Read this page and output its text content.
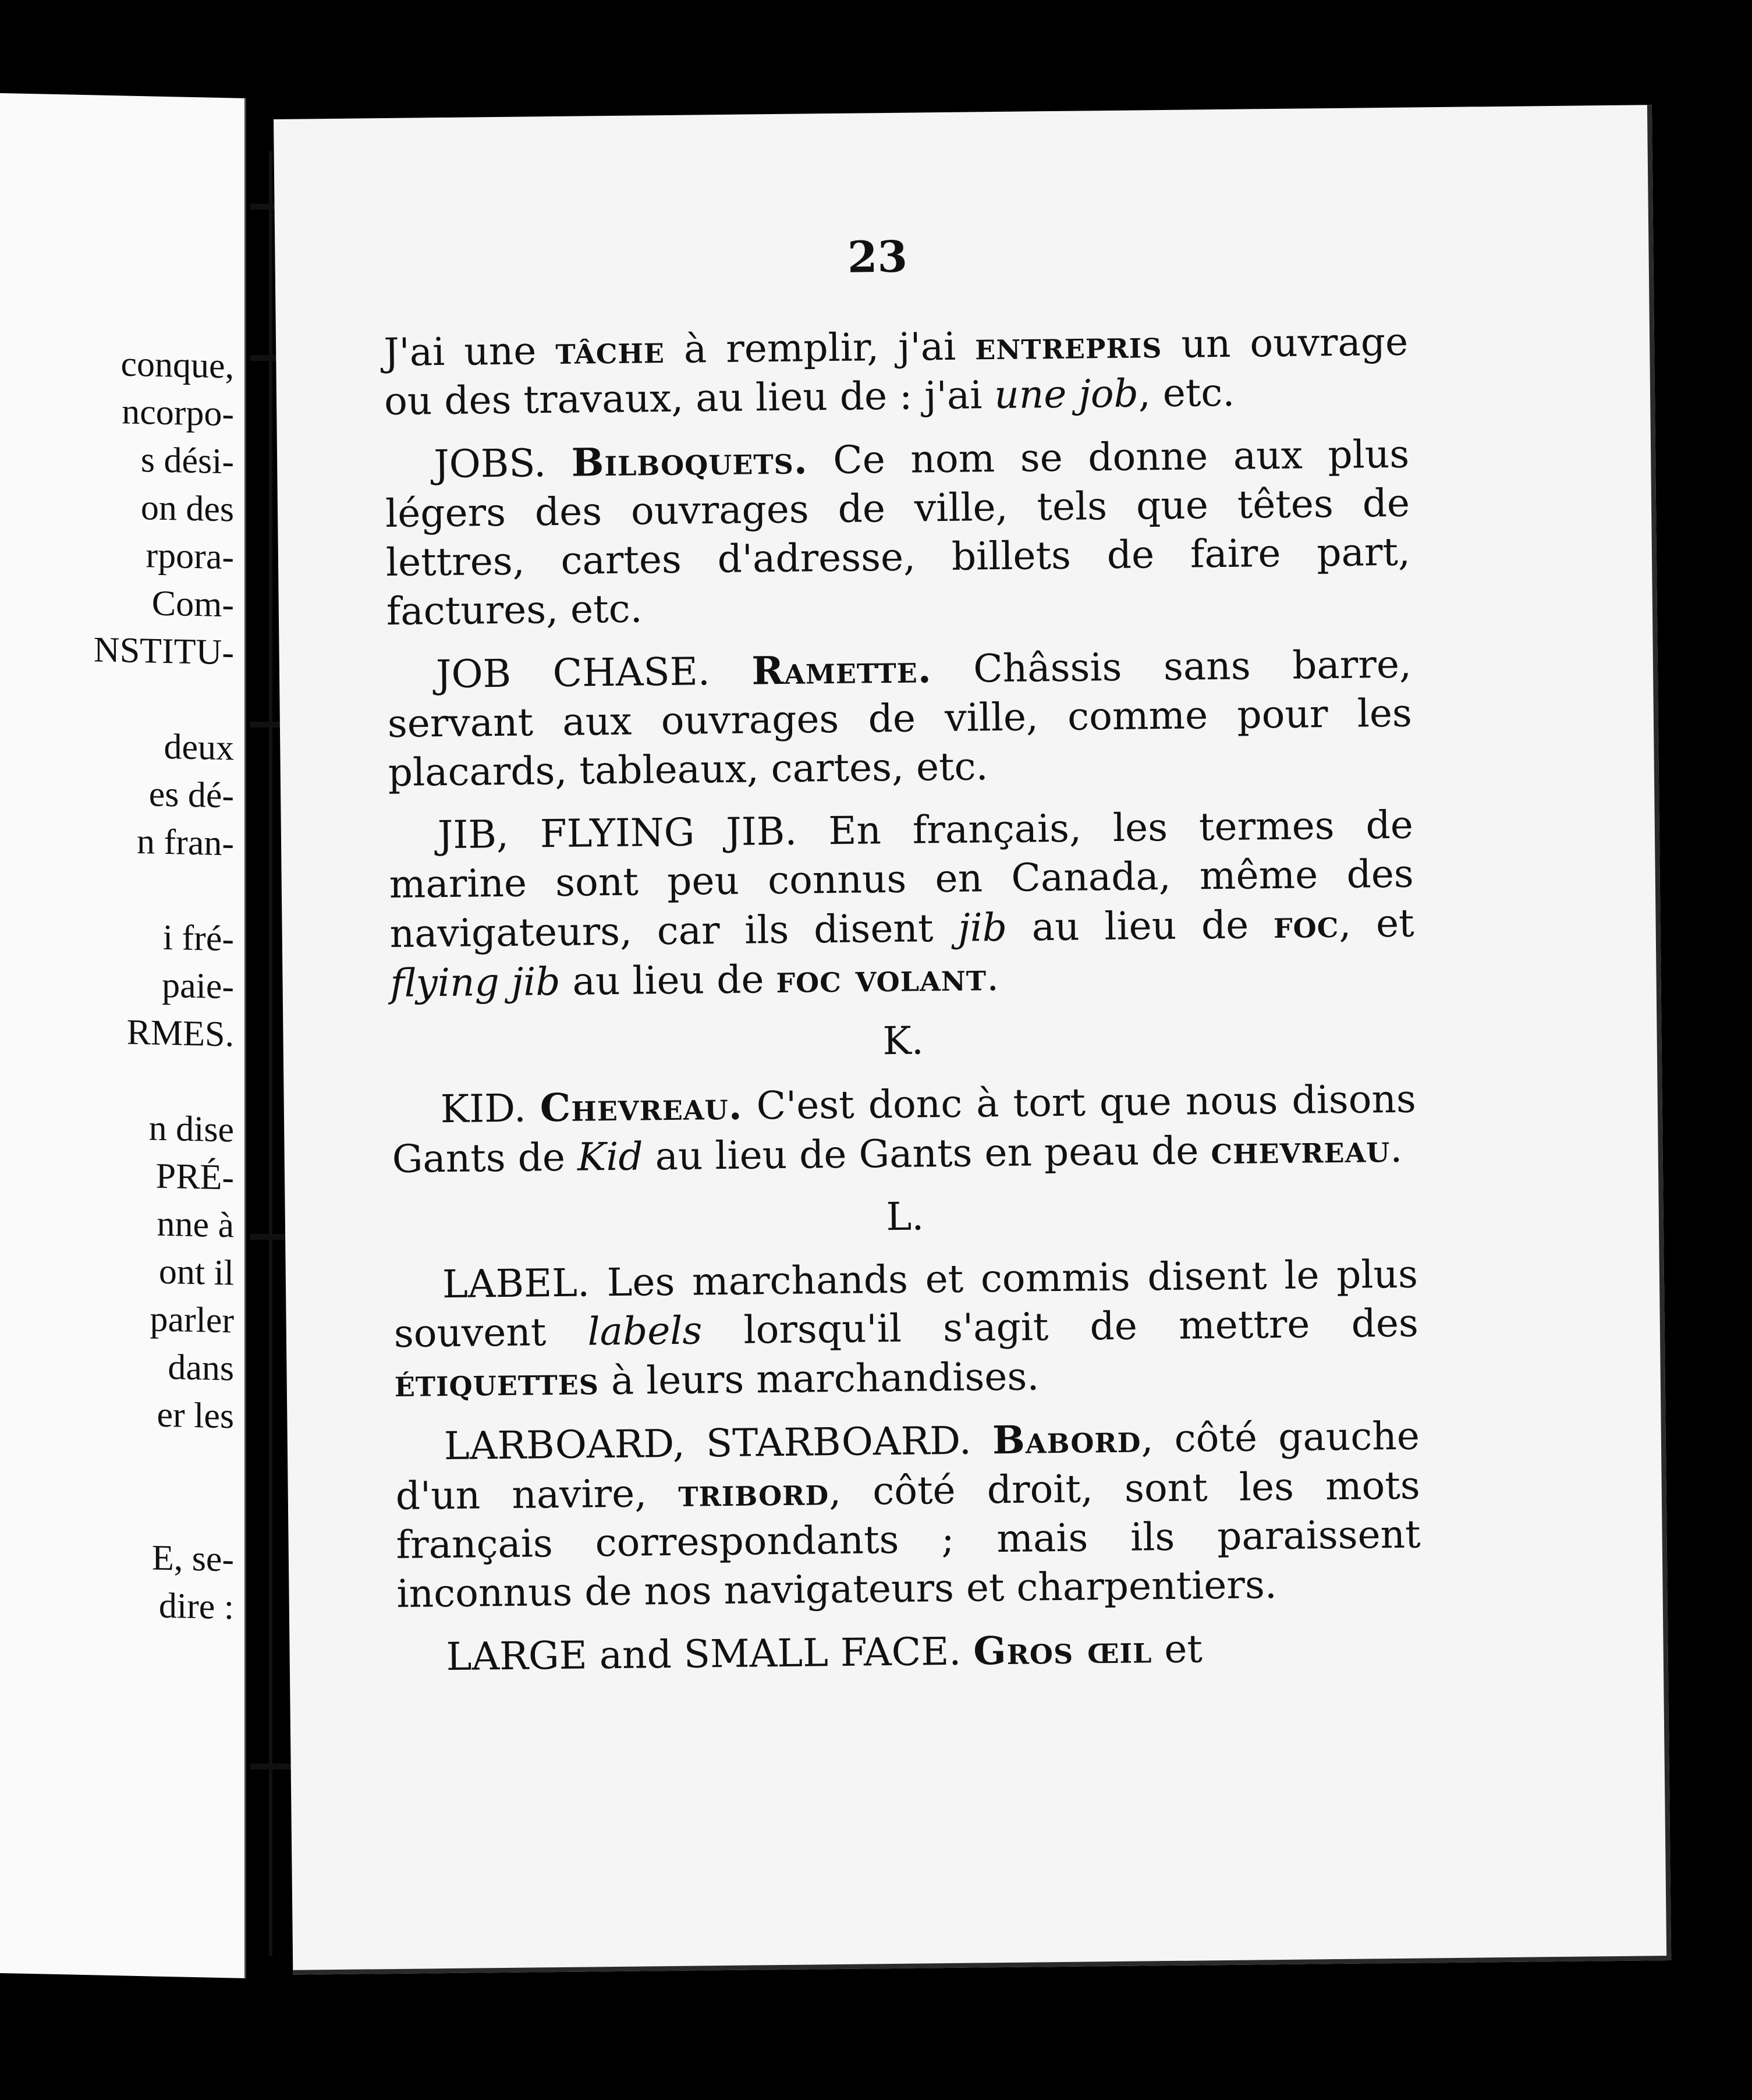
conque,
ncorpo-
s dési-
on des
rpora-
Com-
NSTITU-
deux
es dé-
n fran-
i fré-
paie-
RMES.
n dise
PRÉ-
nne à
ont il
parler
dans
er les
E, se-
dire :
23

J'ai une tâche à remplir, j'ai entrepris un ouvrage ou des travaux, au lieu de : j'ai une job, etc.

JOBS. Bilboquets. Ce nom se donne aux plus légers des ouvrages de ville, tels que têtes de lettres, cartes d'adresse, billets de faire part, factures, etc.

JOB CHASE. Ramette. Châssis sans barre, servant aux ouvrages de ville, comme pour les placards, tableaux, cartes, etc.

JIB, FLYING JIB. En français, les termes de marine sont peu connus en Canada, même des navigateurs, car ils disent jib au lieu de foc, et flying jib au lieu de foc volant.

K.

KID. Chevreau. C'est donc à tort que nous disons Gants de Kid au lieu de Gants en peau de chevreau.

L.

LABEL. Les marchands et commis disent le plus souvent labels lorsqu'il s'agit de mettre des étiquettes à leurs marchandises.

LARBOARD, STARBOARD. Babord, côté gauche d'un navire, tribord, côté droit, sont les mots français correspondants ; mais ils paraissent inconnus de nos navigateurs et charpentiers.

LARGE and SMALL FACE. Gros œil et
